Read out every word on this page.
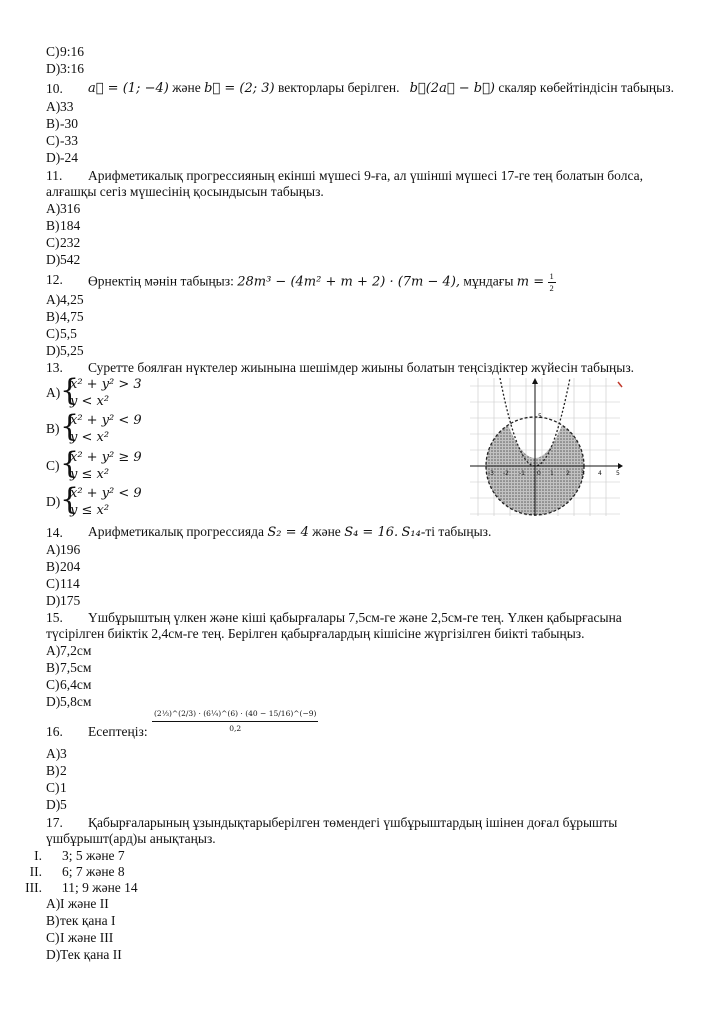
C)9:16
D)3:16
10. a⃗ = (1; −4) және b⃗ = (2; 3) векторлары берілген. b⃗(2a⃗ − b⃗) скаляр көбейтіндісін табыңыз.
A)33
B)-30
C)-33
D)-24
11. Арифметикалық прогрессияның екінші мүшесі 9-ға, ал үшінші мүшесі 17-ге тең болатын болса,
алғашқы сегіз мүшесінің қосындысын табыңыз.
A)316
B)184
C)232
D)542
12. Өрнектің мәнін табыңыз: 28m³ − (4m² + m + 2) · (7m − 4), мұндағы $m = \frac{1}{2}$
A)4,25
B)4,75
C)5,5
D)5,25
13. Суретте боялған нүктелер жиынына шешімдер жиыны болатын теңсіздіктер жүйесін табыңыз.
A) {
x² + y² > 3
y < x²
B) {
x² + y² < 9
y < x²
C) {
x² + y² ≥ 9
y ≤ x²
D) {
x² + y² < 9
y ≤ x²
-3 -2 -1 0 1 2 3 4 5
5
14. Арифметикалық прогрессияда S₂ = 4 және S₄ = 16. S₁₄-ті табыңыз.
A)196
B)204
C)114
D)175
15. Үшбұрыштың үлкен және кіші қабырғалары 7,5см-ге және 2,5см-ге тең. Үлкен қабырғасына
түсірілген биіктік 2,4см-ге тең. Берілген қабырғалардың кішісіне жүргізілген биікті табыңыз.
A)7,2см
B)7,5см
C)6,4см
D)5,8см
16. Есептеңіз: $\frac{\text{(2⅓)\textasciicircum{}(2/3) · (6¼)\textasciicircum{}(6) · (40 − 15/16)\textasciicircum{}(−9)}}{0,2}$
A)3
B)2
C)1
D)5
17. Қабырғаларының ұзындықтарыберілген төмендегі үшбұрыштардың ішінен доғал бұрышты
үшбұрышт(ард)ы анықтаңыз.
I. 3; 5 және 7
II. 6; 7 және 8
III. 11; 9 және 14
A)I және II
B)тек қана I
C)I және III
D)Тек қана II
